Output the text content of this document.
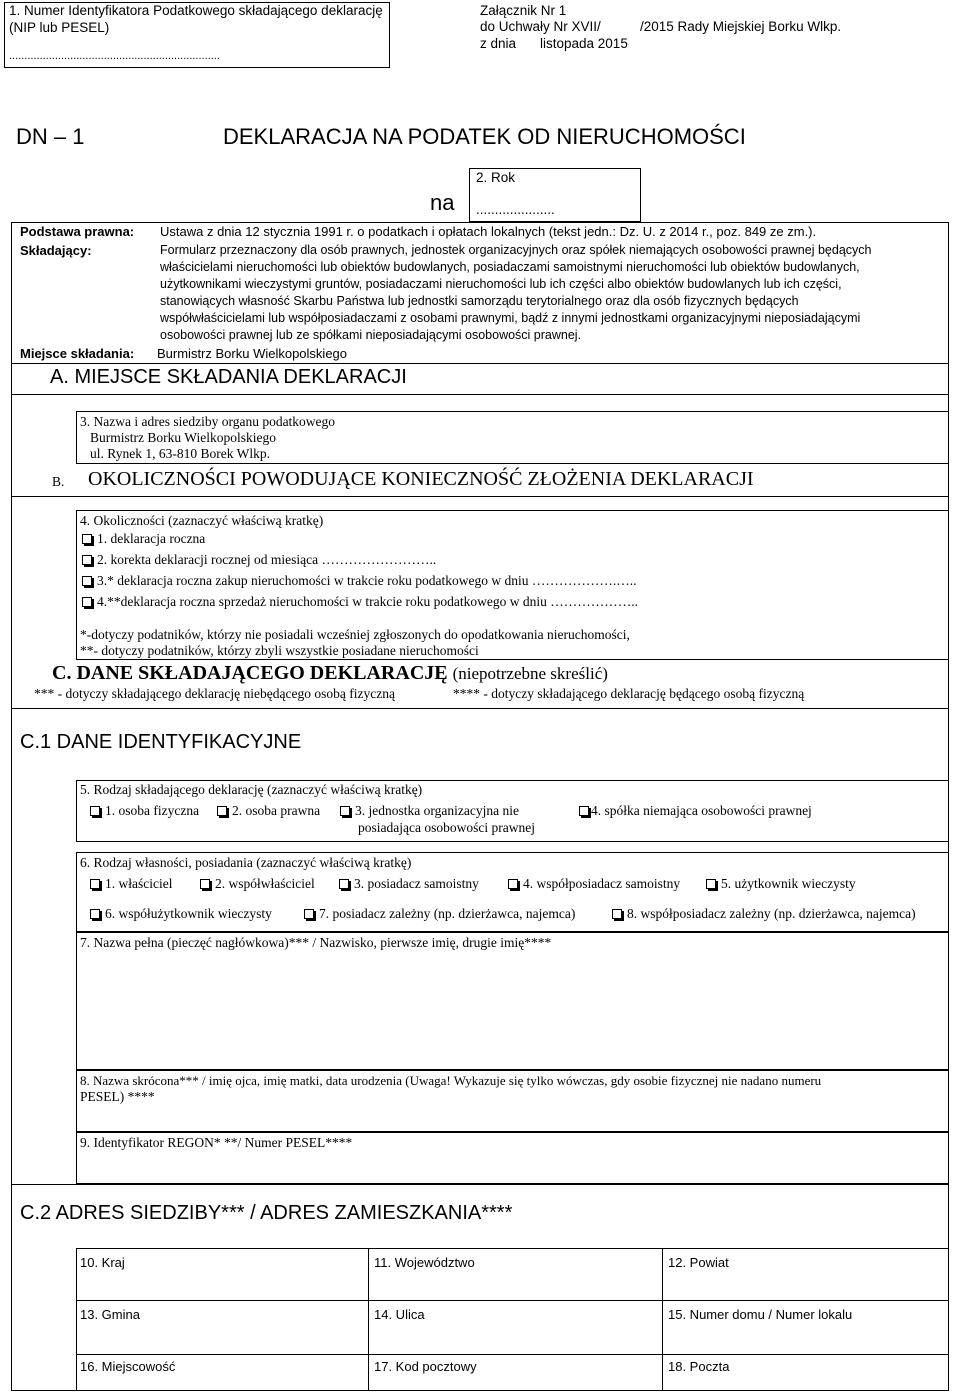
1. Numer Identyfikatora Podatkowego składającego deklarację
(NIP lub PESEL)
.....................................................................
Załącznik Nr 1
do Uchwały Nr XVII/	/2015 Rady Miejskiej Borku Wlkp.
z dnia listopada 2015
DN – 1	DEKLARACJA NA PODATEK OD NIERUCHOMOŚCI
na
2. Rok
.....................
Podstawa prawna: Ustawa z dnia 12 stycznia 1991 r. o podatkach i opłatach lokalnych (tekst jedn.: Dz. U. z 2014 r., poz. 849 ze zm.).
Składający:	Formularz przeznaczony dla osób prawnych, jednostek organizacyjnych oraz spółek niemających osobowości prawnej będących
właścicielami nieruchomości lub obiektów budowlanych, posiadaczami samoistnymi nieruchomości lub obiektów budowlanych,
użytkownikami wieczystymi gruntów, posiadaczami nieruchomości lub ich części albo obiektów budowlanych lub ich części,
stanowiących własność Skarbu Państwa lub jednostki samorządu terytorialnego oraz dla osób fizycznych będących
współwłaścicielami lub współposiadaczami z osobami prawnymi, bądź z innymi jednostkami organizacyjnymi nieposiadającymi
osobowości prawnej lub ze spółkami nieposiadającymi osobowości prawnej.
Miejsce składania: Burmistrz Borku Wielkopolskiego
A. MIEJSCE SKŁADANIA DEKLARACJI
3. Nazwa i adres siedziby organu podatkowego
Burmistrz Borku Wielkopolskiego
ul. Rynek 1, 63-810 Borek Wlkp.
B. OKOLICZNOŚCI POWODUJĄCE KONIECZNOŚĆ ZŁOŻENIA DEKLARACJI
4. Okoliczności (zaznaczyć właściwą kratkę)
1. deklaracja roczna
2. korekta deklaracji rocznej od miesiąca ……………………..
3.* deklaracja roczna zakup nieruchomości w trakcie roku podatkowego w dniu ……………….…..
4.**deklaracja roczna sprzedaż nieruchomości w trakcie roku podatkowego w dniu ………………..
*-dotyczy podatników, którzy nie posiadali wcześniej zgłoszonych do opodatkowania nieruchomości,
**- dotyczy podatników, którzy zbyli wszystkie posiadane nieruchomości
C. DANE SKŁADAJĄCEGO DEKLARACJĘ (niepotrzebne skreślić)
*** - dotyczy składającego deklarację niebędącego osobą fizyczną	**** - dotyczy składającego deklarację będącego osobą fizyczną
C.1 DANE IDENTYFIKACYJNE
5. Rodzaj składającego deklarację (zaznaczyć właściwą kratkę)
1. osoba fizyczna	2. osoba prawna	3. jednostka organizacyjna nie
posiadająca osobowości prawnej
4. spółka niemająca osobowości prawnej
6. Rodzaj własności, posiadania (zaznaczyć właściwą kratkę)
1. właściciel	2. współwłaściciel	3. posiadacz samoistny	4. współposiadacz samoistny	5. użytkownik wieczysty
6. współużytkownik wieczysty	7. posiadacz zależny (np. dzierżawca, najemca)	8. współposiadacz zależny (np. dzierżawca, najemca)
7. Nazwa pełna (pieczęć nagłówkowa)*** / Nazwisko, pierwsze imię, drugie imię****
8. Nazwa skrócona*** / imię ojca, imię matki, data urodzenia (Uwaga! Wykazuje się tylko wówczas, gdy osobie fizycznej nie nadano numeru
PESEL) ****
9. Identyfikator REGON* **/ Numer PESEL****
C.2 ADRES SIEDZIBY*** / ADRES ZAMIESZKANIA****
10. Kraj	11. Województwo	12. Powiat
13. Gmina	14. Ulica	15. Numer domu / Numer lokalu
16. Miejscowość	17. Kod pocztowy	18. Poczta
